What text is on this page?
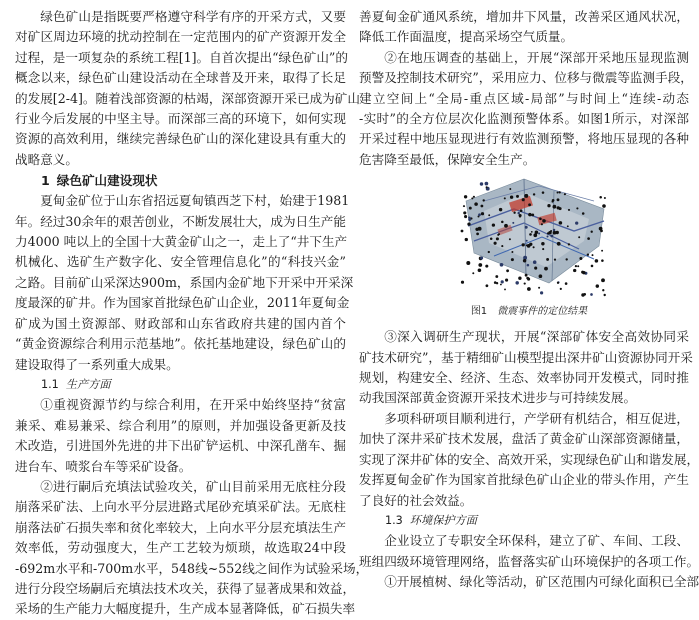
绿色矿山是指既要严格遵守科学有序的开采方式，又要

对矿区周边环境的扰动控制在一定范围内的矿产资源开发全

过程，是一项复杂的系统工程[1]。自首次提出“绿色矿山”的

概念以来，绿色矿山建设活动在全球普及开来，取得了长足

的发展[2-4]。随着浅部资源的枯竭，深部资源开采已成为矿山

行业今后发展的中坚主导。而深部三高的环境下，如何实现

资源的高效利用，继续完善绿色矿山的深化建设具有重大的

战略意义。

1 绿色矿山建设现状

夏甸金矿位于山东省招远夏甸镇西芝下村，始建于1981

年。经过30余年的艰苦创业，不断发展壮大，成为日生产能

力4000 吨以上的全国十大黄金矿山之一，走上了“井下生产

机械化、选矿生产数字化、安全管理信息化”的“科技兴金”

之路。目前矿山采深达900m，系国内金矿地下开采中开采深

度最深的矿井。作为国家首批绿色矿山企业，2011年夏甸金

矿成为国土资源部、财政部和山东省政府共建的国内首个

“黄金资源综合利用示范基地”。依托基地建设，绿色矿山的

建设取得了一系列重大成果。

1.1 生产方面

①重视资源节约与综合利用，在开采中始终坚持“贫富

兼采、难易兼采、综合利用”的原则，并加强设备更新及技

术改造，引进国外先进的井下出矿铲运机、中深孔凿车、掘

进台车、喷浆台车等采矿设备。

②进行嗣后充填法试验攻关，矿山目前采用无底柱分段

崩落采矿法、上向水平分层进路式尾砂充填采矿法。无底柱

崩落法矿石损失率和贫化率较大，上向水平分层充填法生产

效率低，劳动强度大，生产工艺较为烦琐，故选取24中段

-692m水平和-700m水平，548线~552线之间作为试验采场，

进行分段空场嗣后充填法技术攻关，获得了显著成果和效益，

采场的生产能力大幅度提升，生产成本显著降低，矿石损失率

善夏甸金矿通风系统，增加井下风量，改善采区通风状况，

降低工作面温度，提高采场空气质量。

②在地压调查的基础上，开展“深部开采地压显现监测

预警及控制技术研究”，采用应力、位移与微震等监测手段，

建立空间上“全局-重点区域-局部”与时间上“连续-动态

-实时”的全方位层次化监测预警体系。如图1所示，对深部

开采过程中地压显现进行有效监测预警，将地压显现的各种

危害降至最低，保障安全生产。

图1 微震事件的定位结果

③深入调研生产现状，开展“深部矿体安全高效协同采

矿技术研究”，基于精细矿山模型提出深井矿山资源协同开采

规划，构建安全、经济、生态、效率协同开发模式，同时推

动我国深部黄金资源开采技术进步与可持续发展。

多项科研项目顺利进行，产学研有机结合，相互促进，

加快了深井采矿技术发展，盘活了黄金矿山深部资源储量，

实现了深井矿体的安全、高效开采，实现绿色矿山和谐发展，

发挥夏甸金矿作为国家首批绿色矿山企业的带头作用，产生

了良好的社会效益。

1.3 环境保护方面

企业设立了专职安全环保科，建立了矿、车间、工段、

班组四级环境管理网络，监督落实矿山环境保护的各项工作。

①开展植树、绿化等活动，矿区范围内可绿化面积已全部
